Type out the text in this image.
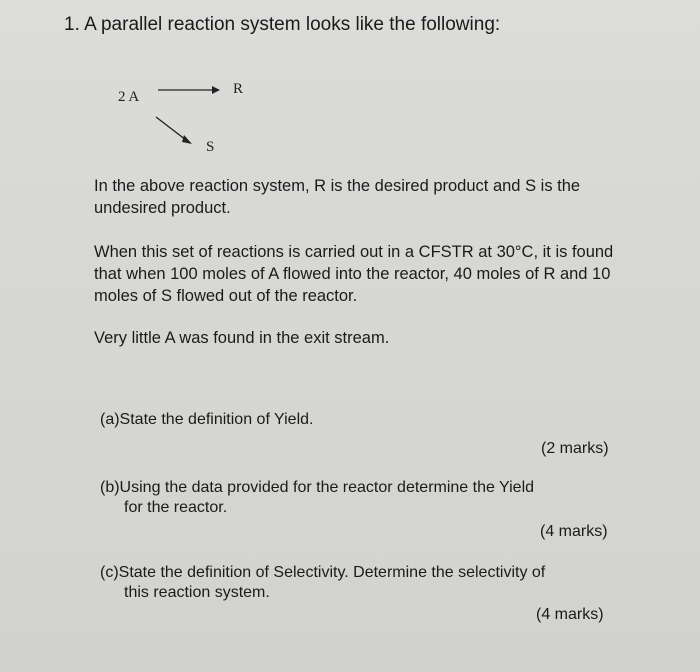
1. A parallel reaction system looks like the following:
2 A	R
S
In the above reaction system, R is the desired product and S is the undesired product.
When this set of reactions is carried out in a CFSTR at 30°C, it is found that when 100 moles of A flowed into the reactor, 40 moles of R and 10 moles of S flowed out of the reactor.
Very little A was found in the exit stream.
(a)State the definition of Yield.
(2 marks)
(b)Using the data provided for the reactor determine the Yield
for the reactor.
(4 marks)
(c)State the definition of Selectivity. Determine the selectivity of
this reaction system.
(4 marks)
